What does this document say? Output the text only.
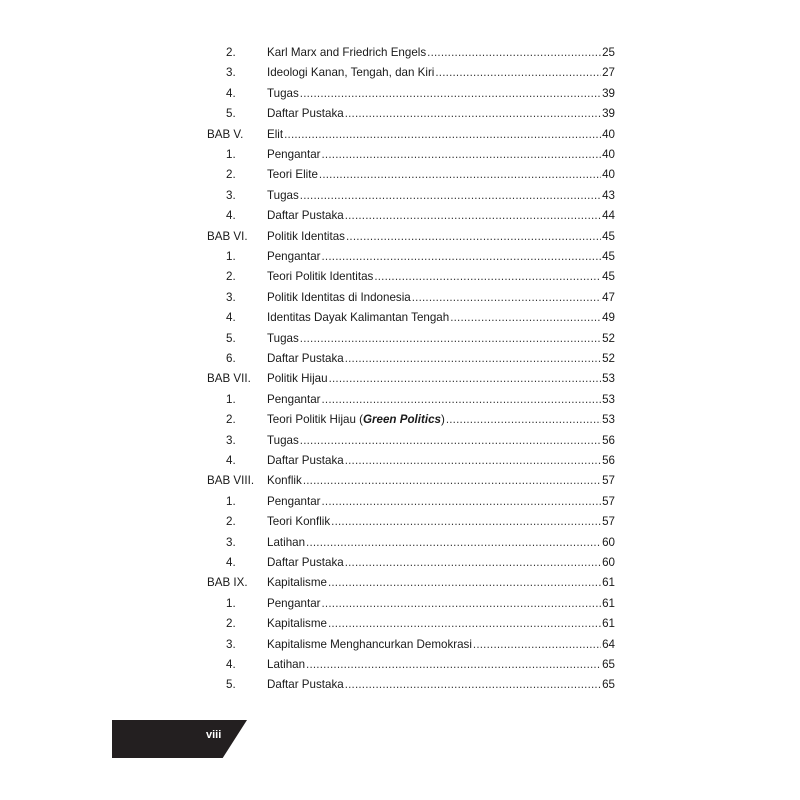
2.	Karl Marx and Friedrich Engels .....	25
3.	Ideologi Kanan, Tengah, dan Kiri .....	27
4.	Tugas .....	39
5.	Daftar Pustaka .....	39
BAB V. Elit .....	40
1.	Pengantar .....	40
2.	Teori Elite .....	40
3.	Tugas .....	43
4.	Daftar Pustaka .....	44
BAB VI. Politik Identitas .....	45
1.	Pengantar .....	45
2.	Teori Politik Identitas .....	45
3.	Politik Identitas di Indonesia .....	47
4.	Identitas Dayak Kalimantan Tengah .....	49
5.	Tugas .....	52
6.	Daftar Pustaka .....	52
BAB VII. Politik Hijau .....	53
1.	Pengantar .....	53
2.	Teori Politik Hijau (Green Politics) .....	53
3.	Tugas .....	56
4.	Daftar Pustaka .....	56
BAB VIII. Konflik .....	57
1.	Pengantar .....	57
2.	Teori Konflik .....	57
3.	Latihan .....	60
4.	Daftar Pustaka .....	60
BAB IX. Kapitalisme .....	61
1.	Pengantar .....	61
2.	Kapitalisme .....	61
3.	Kapitalisme Menghancurkan Demokrasi .....	64
4.	Latihan .....	65
5.	Daftar Pustaka .....	65
viii
